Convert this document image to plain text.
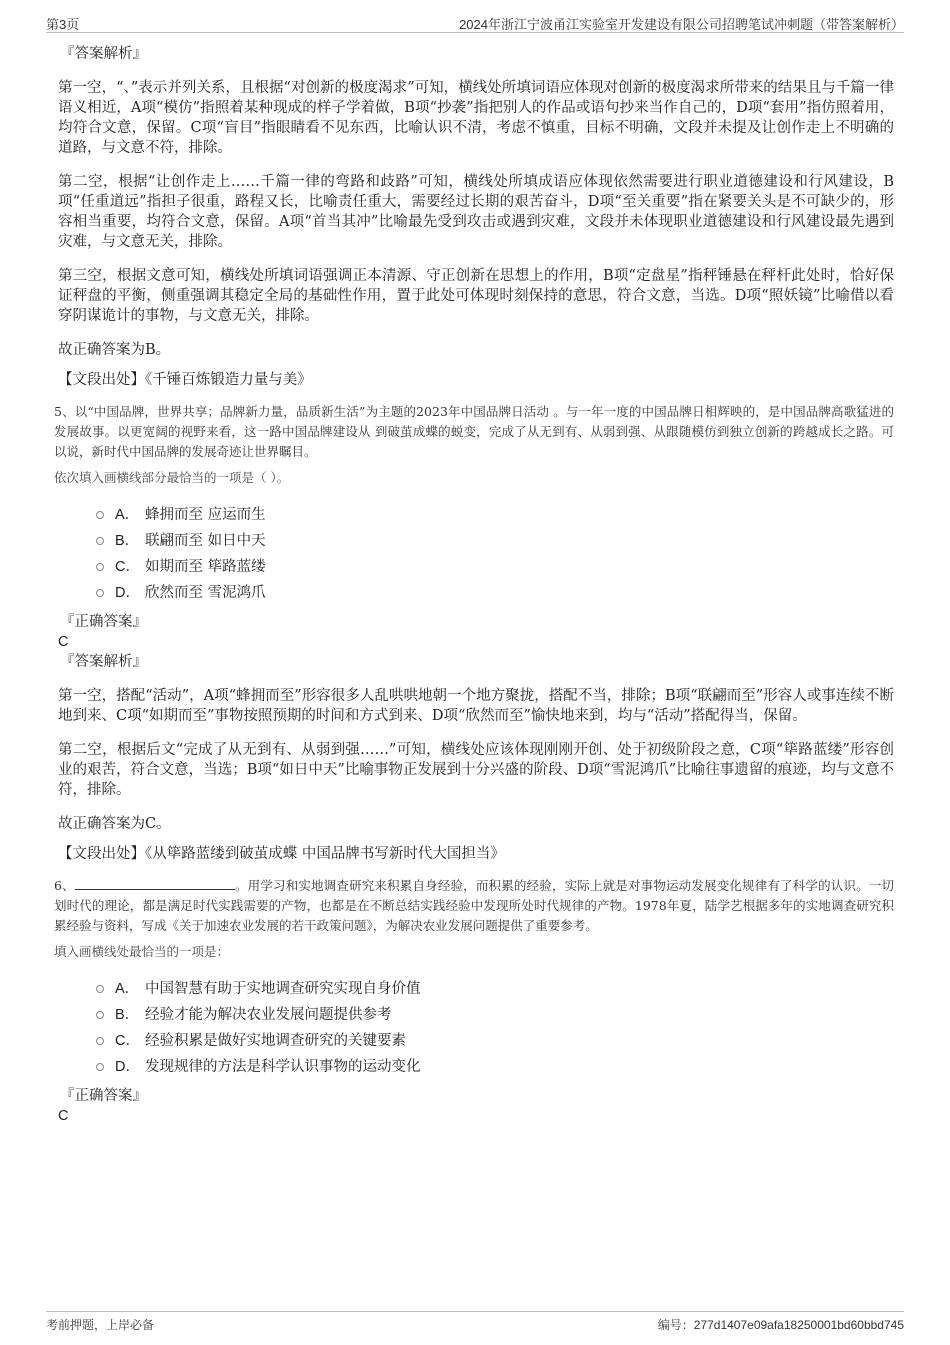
第3页	2024年浙江宁波甬江实验室开发建设有限公司招聘笔试冲刺题（带答案解析）
『答案解析』
第一空，“、”表示并列关系，且根据“对创新的极度渴求”可知，横线处所填词语应体现对创新的极度渴求所带来的结果且与千篇一律语义相近，A项“模仿”指照着某种现成的样子学着做，B项“抄袭”指把别人的作品或语句抄来当作自己的，D项“套用”指仿照着用，均符合文意，保留。C项“盲目”指眼睛看不见东西，比喻认识不清，考虑不慎重，目标不明确，文段并未提及让创作走上不明确的道路，与文意不符，排除。
第二空，根据“让创作走上……千篇一律的弯路和歧路”可知，横线处所填成语应体现依然需要进行职业道德建设和行风建设，B项“任重道远”指担子很重，路程又长，比喻责任重大，需要经过长期的艰苦奋斗，D项“至关重要”指在紧要关头是不可缺少的，形容相当重要，均符合文意，保留。A项“首当其冲”比喻最先受到攻击或遇到灾难，文段并未体现职业道德建设和行风建设最先遇到灾难，与文意无关，排除。
第三空，根据文意可知，横线处所填词语强调正本清源、守正创新在思想上的作用，B项“定盘星”指秤锤悬在秤杆此处时，恰好保证秤盘的平衡，侧重强调其稳定全局的基础性作用，置于此处可体现时刻保持的意思，符合文意，当选。D项“照妖镜”比喻借以看穿阴谋诡计的事物，与文意无关，排除。
故正确答案为B。
【文段出处】《千锤百炼锻造力量与美》
5、以“中国品牌，世界共享；品牌新力量，品质新生活”为主题的2023年中国品牌日活动 。与一年一度的中国品牌日相辉映的，是中国品牌高歌猛进的发展故事。以更宽阔的视野来看，这一路中国品牌建设从 到破茧成蝶的蜕变，完成了从无到有、从弱到强、从跟随模仿到独立创新的跨越成长之路。可以说，新时代中国品牌的发展奇迹让世界瞩目。
依次填入画横线部分最恰当的一项是（ ）。
A． 蜂拥而至 应运而生
B． 联翩而至 如日中天
C． 如期而至 筚路蓝缕
D． 欣然而至 雪泥鸿爪
『正确答案』
C
『答案解析』
第一空，搭配“活动”，A项“蜂拥而至”形容很多人乱哄哄地朝一个地方聚拢，搭配不当，排除；B项“联翩而至”形容人或事连续不断地到来、C项“如期而至”事物按照预期的时间和方式到来、D项“欣然而至”愉快地来到，均与“活动”搭配得当，保留。
第二空，根据后文“完成了从无到有、从弱到强……”可知，横线处应该体现刚刚开创、处于初级阶段之意，C项“筚路蓝缕”形容创业的艰苦，符合文意，当选；B项“如日中天”比喻事物正发展到十分兴盛的阶段、D项“雪泥鸿爪”比喻往事遗留的痕迹，均与文意不符，排除。
故正确答案为C。
【文段出处】《从筚路蓝缕到破茧成蝶 中国品牌书写新时代大国担当》
6、	。用学习和实地调查研究来积累自身经验，而积累的经验，实际上就是对事物运动发展变化规律有了科学的认识。一切划时代的理论，都是满足时代实践需要的产物，也都是在不断总结实践经验中发现所处时代规律的产物。1978年夏，陆学艺根据多年的实地调查研究积累经验与资料，写成《关于加速农业发展的若干政策问题》，为解决农业发展问题提供了重要参考。
填入画横线处最恰当的一项是：
A． 中国智慧有助于实地调查研究实现自身价值
B． 经验才能为解决农业发展问题提供参考
C． 经验积累是做好实地调查研究的关键要素
D． 发现规律的方法是科学认识事物的运动变化
『正确答案』
C
考前押题，上岸必备	编号：277d1407e09afa18250001bd60bbd745
